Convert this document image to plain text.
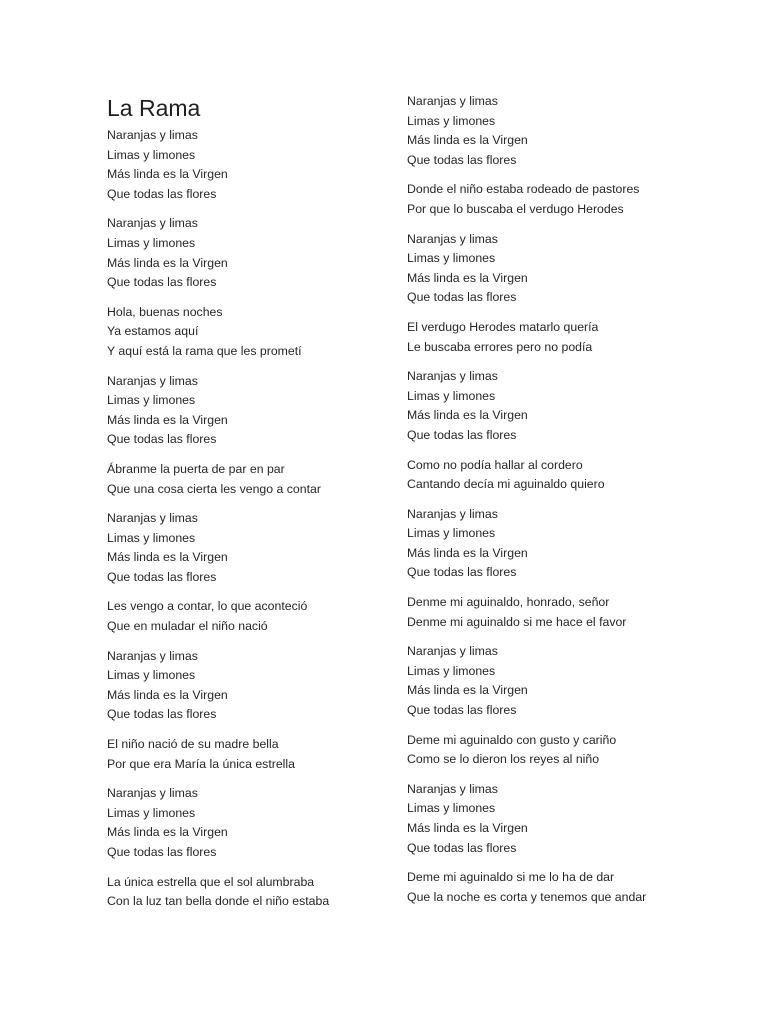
La Rama
Naranjas y limas
Limas y limones
Más linda es la Virgen
Que todas las flores
Naranjas y limas
Limas y limones
Más linda es la Virgen
Que todas las flores
Hola, buenas noches
Ya estamos aquí
Y aquí está la rama que les prometí
Naranjas y limas
Limas y limones
Más linda es la Virgen
Que todas las flores
Ábranme la puerta de par en par
Que una cosa cierta les vengo a contar
Naranjas y limas
Limas y limones
Más linda es la Virgen
Que todas las flores
Les vengo a contar, lo que aconteció
Que en muladar el niño nació
Naranjas y limas
Limas y limones
Más linda es la Virgen
Que todas las flores
El niño nació de su madre bella
Por que era María la única estrella
Naranjas y limas
Limas y limones
Más linda es la Virgen
Que todas las flores
La única estrella que el sol alumbraba
Con la luz tan bella donde el niño estaba
Naranjas y limas
Limas y limones
Más linda es la Virgen
Que todas las flores
Donde el niño estaba rodeado de pastores
Por que lo buscaba el verdugo Herodes
Naranjas y limas
Limas y limones
Más linda es la Virgen
Que todas las flores
El verdugo Herodes matarlo quería
Le buscaba errores pero no podía
Naranjas y limas
Limas y limones
Más linda es la Virgen
Que todas las flores
Como no podía hallar al cordero
Cantando decía mi aguinaldo quiero
Naranjas y limas
Limas y limones
Más linda es la Virgen
Que todas las flores
Denme mi aguinaldo, honrado, señor
Denme mi aguinaldo si me hace el favor
Naranjas y limas
Limas y limones
Más linda es la Virgen
Que todas las flores
Deme mi aguinaldo con gusto y cariño
Como se lo dieron los reyes al niño
Naranjas y limas
Limas y limones
Más linda es la Virgen
Que todas las flores
Deme mi aguinaldo si me lo ha de dar
Que la noche es corta y tenemos que andar
